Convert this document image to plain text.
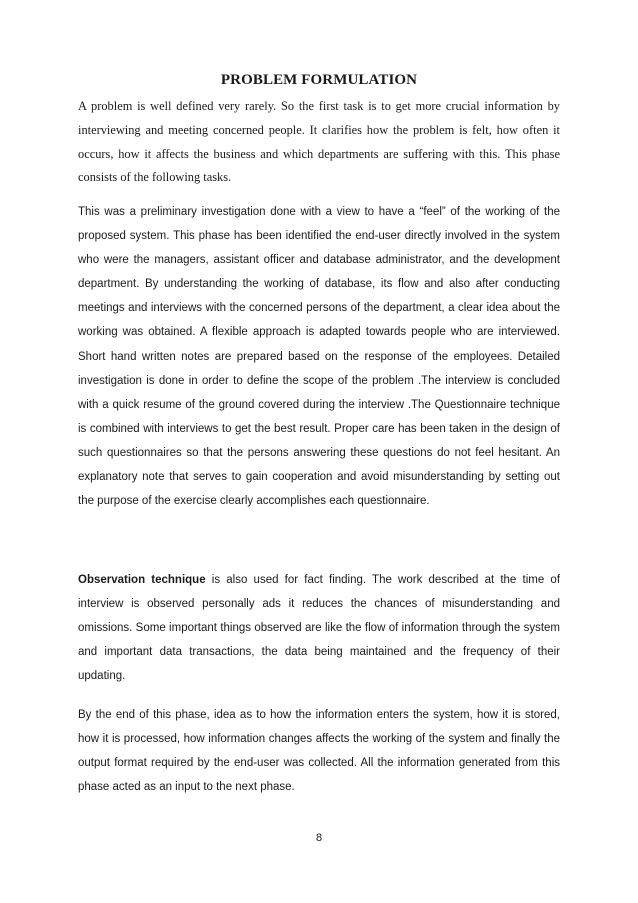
PROBLEM FORMULATION

A problem is well defined very rarely. So the first task is to get more crucial information by interviewing and meeting concerned people. It clarifies how the problem is felt, how often it occurs, how it affects the business and which departments are suffering with this. This phase consists of the following tasks.

This was a preliminary investigation done with a view to have a “feel” of the working of the proposed system. This phase has been identified the end-user directly involved in the system who were the managers, assistant officer and database administrator, and the development department. By understanding the working of database, its flow and also after conducting meetings and interviews with the concerned persons of the department, a clear idea about the working was obtained. A flexible approach is adapted towards people who are interviewed. Short hand written notes are prepared based on the response of the employees. Detailed investigation is done in order to define the scope of the problem .The interview is concluded with a quick resume of the ground covered during the interview .The Questionnaire technique is combined with interviews to get the best result. Proper care has been taken in the design of such questionnaires so that the persons answering these questions do not feel hesitant. An explanatory note that serves to gain cooperation and avoid misunderstanding by setting out the purpose of the exercise clearly accomplishes each questionnaire.

Observation technique is also used for fact finding. The work described at the time of interview is observed personally ads it reduces the chances of misunderstanding and omissions. Some important things observed are like the flow of information through the system and important data transactions, the data being maintained and the frequency of their updating.

By the end of this phase, idea as to how the information enters the system, how it is stored, how it is processed, how information changes affects the working of the system and finally the output format required by the end-user was collected. All the information generated from this phase acted as an input to the next phase.

8
